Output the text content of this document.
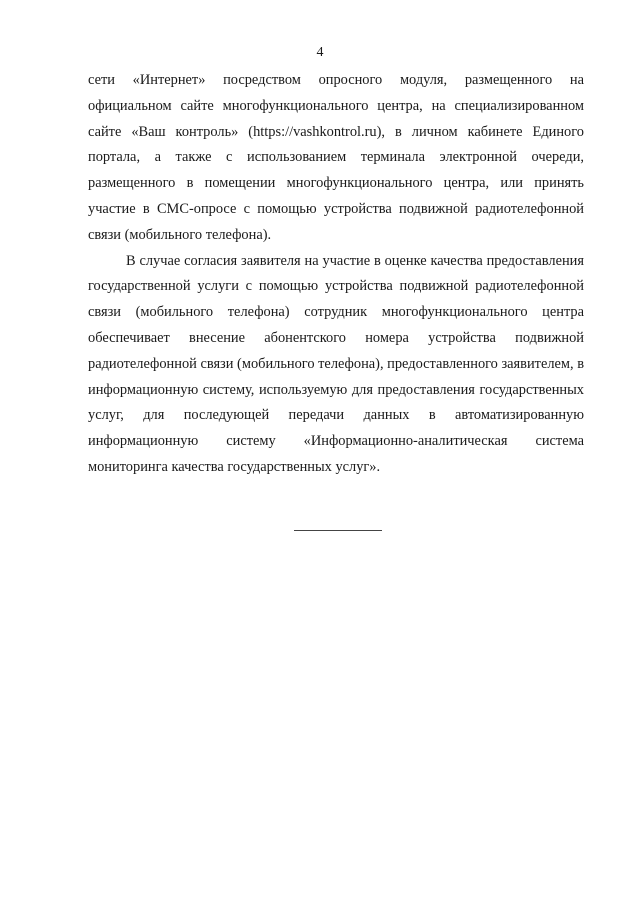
4

сети «Интернет» посредством опросного модуля, размещенного на официальном сайте многофункционального центра, на специализированном сайте «Ваш контроль» (https://vashkontrol.ru), в личном кабинете Единого портала, а также с использованием терминала электронной очереди, размещенного в помещении многофункционального центра, или принять участие в СМС-опросе с помощью устройства подвижной радиотелефонной связи (мобильного телефона).

В случае согласия заявителя на участие в оценке качества предоставления государственной услуги с помощью устройства подвижной радиотелефонной связи (мобильного телефона) сотрудник многофункционального центра обеспечивает внесение абонентского номера устройства подвижной радиотелефонной связи (мобильного телефона), предоставленного заявителем, в информационную систему, используемую для предоставления государственных услуг, для последующей передачи данных в автоматизированную информационную систему «Информационно-аналитическая система мониторинга качества государственных услуг».
